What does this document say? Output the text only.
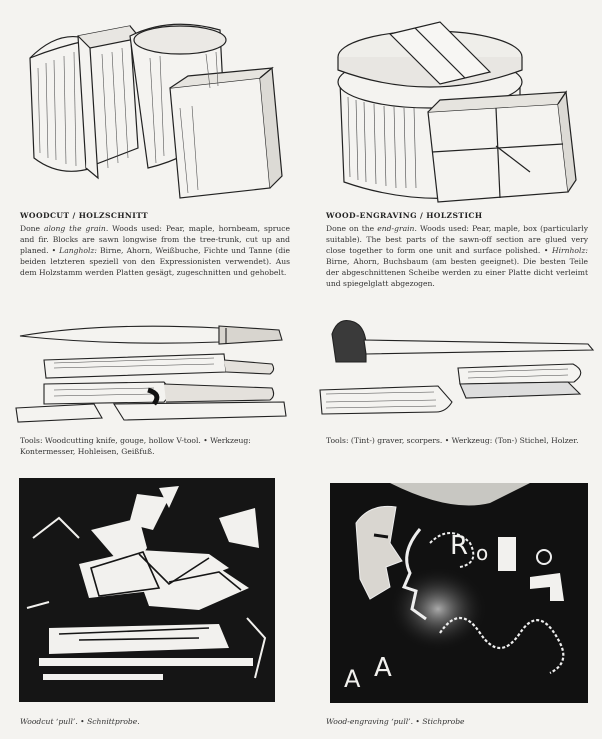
WOODCUT / HOLZSCHNITT
Done along the grain. Woods used: Pear, maple, hornbeam, spruce and fir. Blocks are sawn longwise from the tree-trunk, cut up and planed. • Langholz: Birne, Ahorn, Weißbuche, Fichte und Tanne (die beiden letzteren speziell von den Expressionisten verwendet). Aus dem Holzstamm werden Platten gesägt, zugeschnitten und gehobelt.
WOOD-ENGRAVING / HOLZSTICH
Done on the end-grain. Woods used: Pear, maple, box (particularly suitable). The best parts of the sawn-off section are glued very close together to form one unit and surface polished. • Hirnholz: Birne, Ahorn, Buchsbaum (am besten geeignet). Die besten Teile der abgeschnittenen Scheibe werden zu einer Platte dicht verleimt und spiegelglatt abgezogen.
Tools: Woodcutting knife, gouge, hollow V-tool. • Werkzeug: Kontermesser, Hohleisen, Geißfuß.
Tools: (Tint-) graver, scorpers. • Werkzeug: (Ton-) Stichel, Holzer.
R o
A A
Woodcut ‘pull’. • Schnittprobe.	Wood-engraving ‘pull’. • Stichprobe
